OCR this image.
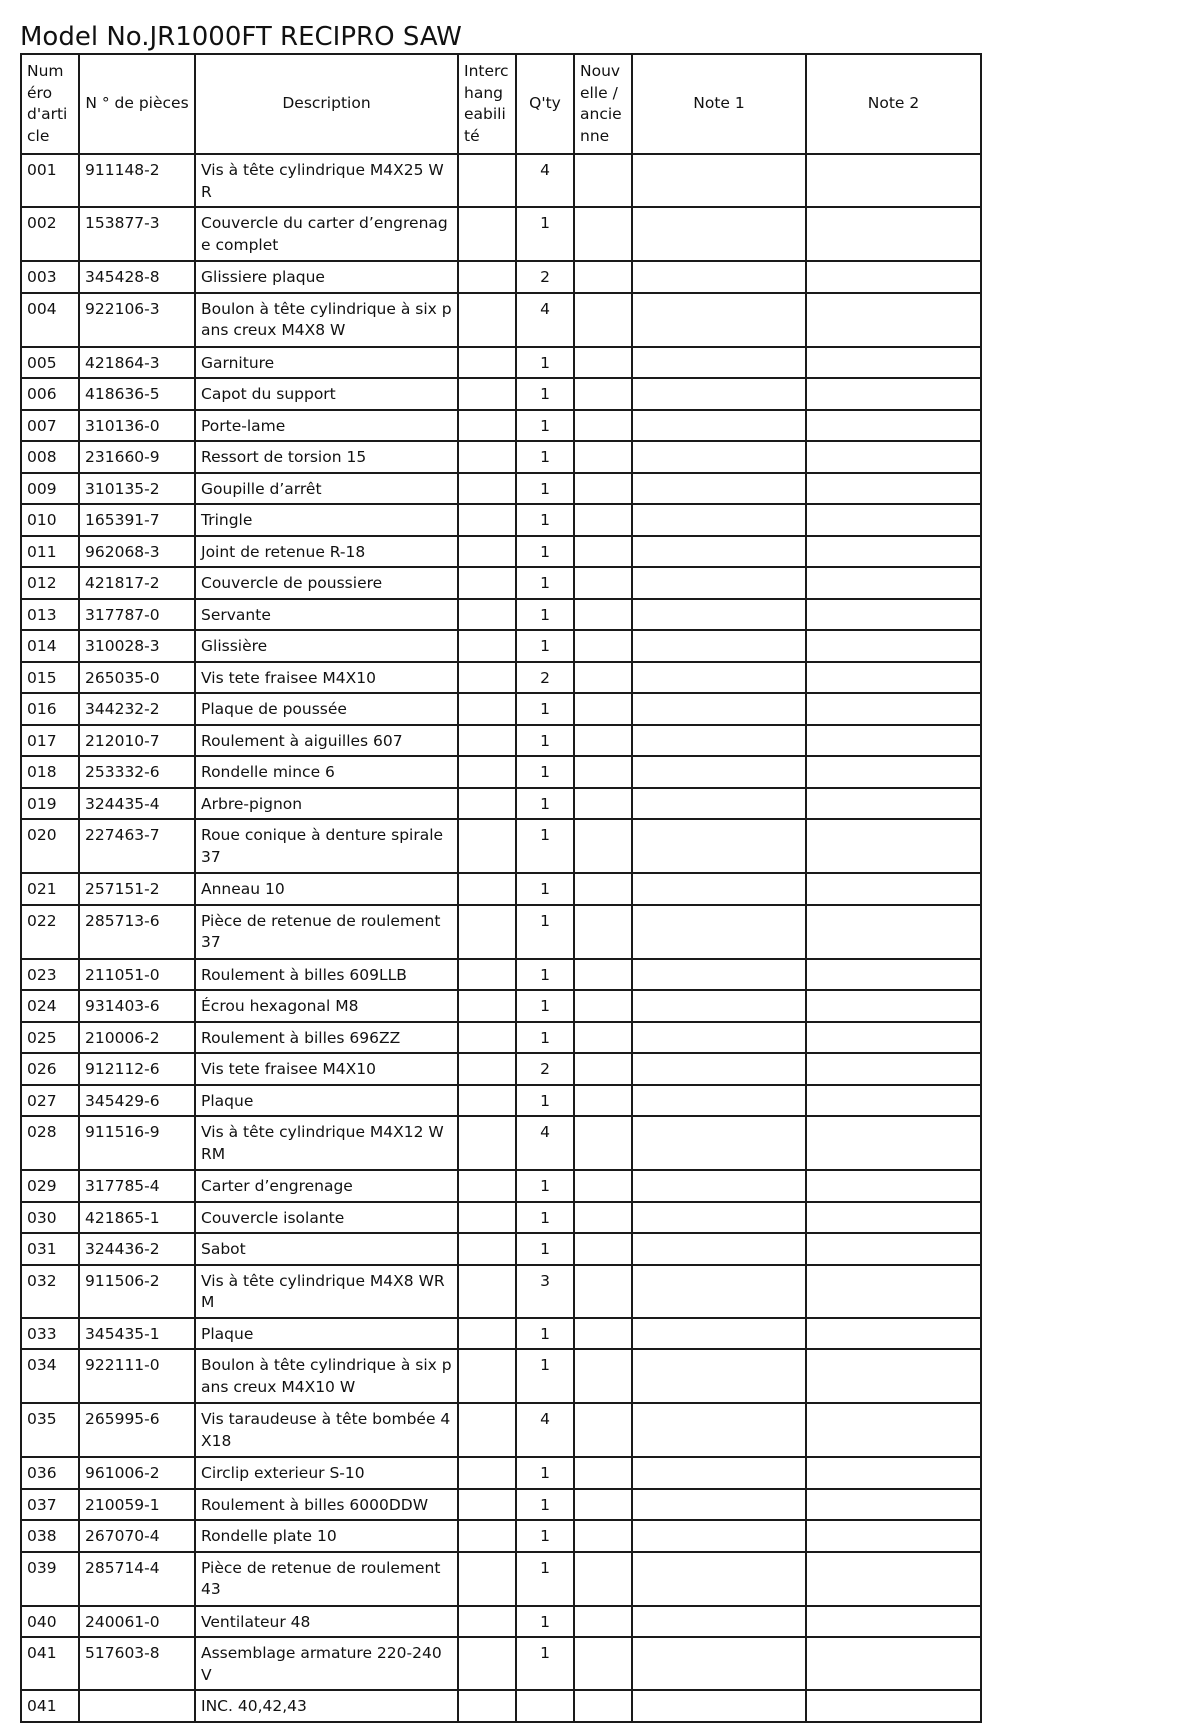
Model No.JR1000FT RECIPRO SAW
Numéro d'article	N ° de pièces	Description	Interchangeabilité	Q'ty	Nouvelle / ancienne	Note 1	Note 2
001	911148-2	Vis à tête cylindrique M4X25 WR		4			
002	153877-3	Couvercle du carter d’engrenage complet		1			
003	345428-8	Glissiere plaque		2			
004	922106-3	Boulon à tête cylindrique à six pans creux M4X8 W		4			
005	421864-3	Garniture		1			
006	418636-5	Capot du support		1			
007	310136-0	Porte-lame		1			
008	231660-9	Ressort de torsion 15		1			
009	310135-2	Goupille d’arrêt		1			
010	165391-7	Tringle		1			
011	962068-3	Joint de retenue R-18		1			
012	421817-2	Couvercle de poussiere		1			
013	317787-0	Servante		1			
014	310028-3	Glissière		1			
015	265035-0	Vis tete fraisee M4X10		2			
016	344232-2	Plaque de poussée		1			
017	212010-7	Roulement à aiguilles 607		1			
018	253332-6	Rondelle mince 6		1			
019	324435-4	Arbre-pignon		1			
020	227463-7	Roue conique à denture spirale 37		1			
021	257151-2	Anneau 10		1			
022	285713-6	Pièce de retenue de roulement 37		1			
023	211051-0	Roulement à billes 609LLB		1			
024	931403-6	Écrou hexagonal M8		1			
025	210006-2	Roulement à billes 696ZZ		1			
026	912112-6	Vis tete fraisee M4X10		2			
027	345429-6	Plaque		1			
028	911516-9	Vis à tête cylindrique M4X12 WRM		4			
029	317785-4	Carter d’engrenage		1			
030	421865-1	Couvercle isolante		1			
031	324436-2	Sabot		1			
032	911506-2	Vis à tête cylindrique M4X8 WRM		3			
033	345435-1	Plaque		1			
034	922111-0	Boulon à tête cylindrique à six pans creux M4X10 W		1			
035	265995-6	Vis taraudeuse à tête bombée 4X18		4			
036	961006-2	Circlip exterieur S-10		1			
037	210059-1	Roulement à billes 6000DDW		1			
038	267070-4	Rondelle plate 10		1			
039	285714-4	Pièce de retenue de roulement 43		1			
040	240061-0	Ventilateur 48		1			
041	517603-8	Assemblage armature 220-240V		1			
041		INC. 40,42,43					
